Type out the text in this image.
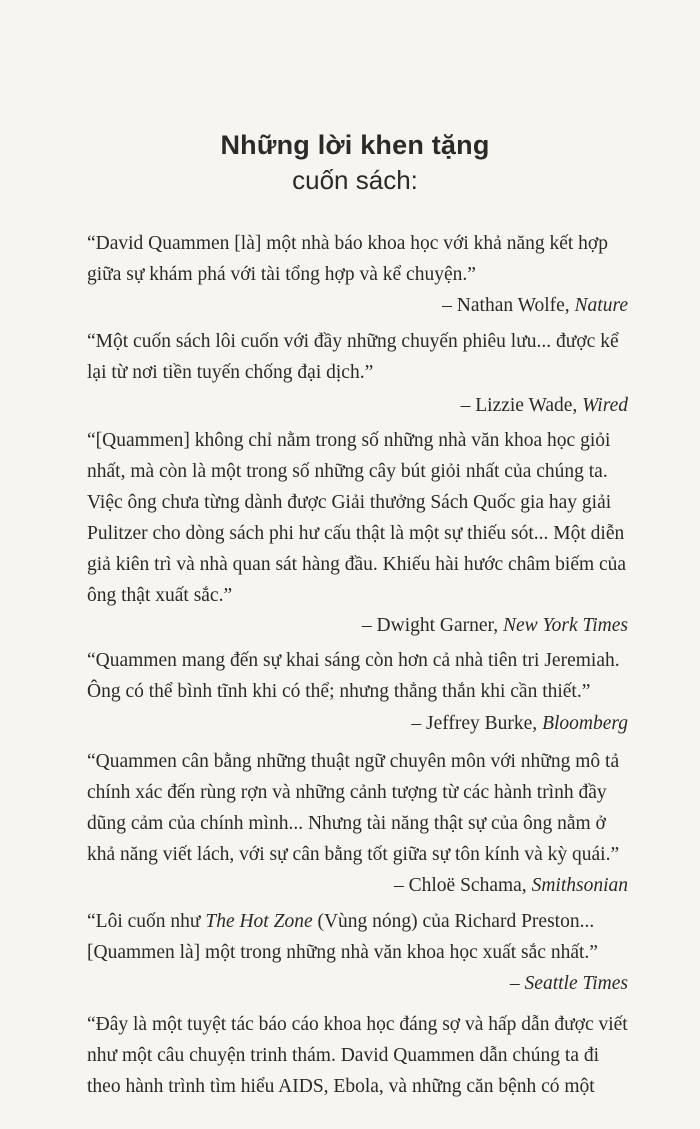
Những lời khen tặng
cuốn sách:
“David Quammen [là] một nhà báo khoa học với khả năng kết hợp
giữa sự khám phá với tài tổng hợp và kể chuyện.”
– Nathan Wolfe, Nature
“Một cuốn sách lôi cuốn với đầy những chuyến phiêu lưu... được kể
lại từ nơi tiền tuyến chống đại dịch.”
– Lizzie Wade, Wired
“[Quammen] không chỉ nằm trong số những nhà văn khoa học giỏi
nhất, mà còn là một trong số những cây bút giỏi nhất của chúng ta.
Việc ông chưa từng dành được Giải thưởng Sách Quốc gia hay giải
Pulitzer cho dòng sách phi hư cấu thật là một sự thiếu sót... Một diễn
giả kiên trì và nhà quan sát hàng đầu. Khiếu hài hước châm biếm của
ông thật xuất sắc.”
– Dwight Garner, New York Times
“Quammen mang đến sự khai sáng còn hơn cả nhà tiên tri Jeremiah.
Ông có thể bình tĩnh khi có thể; nhưng thẳng thắn khi cần thiết.”
– Jeffrey Burke, Bloomberg
“Quammen cân bằng những thuật ngữ chuyên môn với những mô tả
chính xác đến rùng rợn và những cảnh tượng từ các hành trình đầy
dũng cảm của chính mình... Nhưng tài năng thật sự của ông nằm ở
khả năng viết lách, với sự cân bằng tốt giữa sự tôn kính và kỳ quái.”
– Chloë Schama, Smithsonian
“Lôi cuốn như The Hot Zone (Vùng nóng) của Richard Preston...
[Quammen là] một trong những nhà văn khoa học xuất sắc nhất.”
– Seattle Times
“Đây là một tuyệt tác báo cáo khoa học đáng sợ và hấp dẫn được viết
như một câu chuyện trinh thám. David Quammen dẫn chúng ta đi
theo hành trình tìm hiểu AIDS, Ebola, và những căn bệnh có một
